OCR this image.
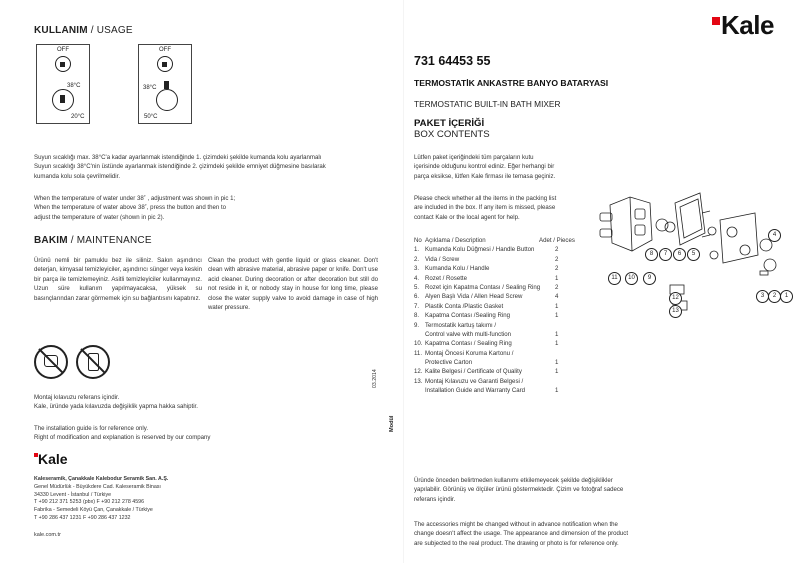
KULLANIM / USAGE
OFF
38°C
20°C
OFF
38°C
50°C
Suyun sıcaklığı max. 38°C'a kadar ayarlanmak istendiğinde 1. çizimdeki şekilde kumanda kolu ayarlanmalı
Suyun sıcaklığı 38°C'nin üstünde ayarlanmak istendiğinde 2. çizimdeki şekilde emniyet düğmesine basılarak
kumanda kolu sola çevrilmelidir.
When the temperature of water under 38˚ , adjustment was shown in pic 1;
When the temperature of water above 38˚, press the button and then to
adjust the temperature of water (shown in pic 2).
BAKIM / MAINTENANCE
Ürünü nemli bir pamuklu bez ile siliniz. Sakın aşındırıcı deterjan, kimyasal temizleyiciler, aşındırıcı sünger veya keskin bir parça ile temizlemeyiniz. Asitli temizleyiciler kullanmayınız. Uzun süre kullanım yapılmayacaksa, yüksek su basınçlarından zarar görmemek için su bağlantısını kapatınız.
Clean the product with gentle liquid or glass cleaner. Don't clean with abrasive material, abrasive paper or knife. Don't use acid cleaner. During decoration or after decoration but still do not reside in it, or nobody stay in house for long time, please close the water supply valve to avoid damage in case of high water pressure.
Montaj kılavuzu referans içindir.
Kale, üründe yada kılavuzda değişiklik yapma hakka sahiptir.
The installation guide is for reference only.
Right of modification and explanation is reserved by our company
Kale
Kaleseramik, Çanakkale Kalebodur Seramik San. A.Ş.
Genel Müdürlük - Büyükdere Cad. Kaleseramik Binası
34330 Levent - İstanbul / Türkiye
T +90 212 371 5253 (pbx) F +90 212 278 4596
Fabrika - Semedeli Köyü Çan, Çanakkale / Türkiye
T +90 286 437 1231 F +90 286 437 1232
kale.com.tr
03.2014
Modül
Kale
731 64453 55
TERMOSTATİK ANKASTRE BANYO BATARYASI
TERMOSTATIC BUILT-IN BATH MIXER
PAKET İÇERİĞİ
BOX CONTENTS
Lütfen paket içeriğindeki tüm parçaların kutu
içerisinde olduğunu kontrol ediniz. Eğer herhangi bir
parça eksikse, lütfen Kale firması ile temasa geçiniz.
Please check whether all the items in the packing list
are included in the box. If any item is missed, please
contact Kale or the local agent for help.
No Açıklama / Description	Adet / Pieces
1. Kumanda Kolu Düğmesi / Handle Button	2
2. Vida / Screw	2
3. Kumanda Kolu / Handle	2
4. Rozet / Rosette	1
5. Rozet için Kapatma Contası / Sealing Ring 2
6. Alyen Başlı Vida / Allen Head Screw	4
7. Plastik Conta /Plastic Gasket	1
8. Kapatma Contası /Sealing Ring	1
9. Termostatik kartuş takımı /
Control valve with multi-function	1
10. Kapatma Contası / Sealing Ring	1
11. Montaj Öncesi Koruma Kartonu /
Protective Carton	1
12. Kalite Belgesi / Certificate of Quality	1
13. Montaj Kılavuzu ve Garanti Belgesi /
Installation Guide and Warranty Card	1
1
2
3
4
5
6
7
8
9
10
11
12
13
Üründe önceden belirtmeden kullanımı etkilemeyecek şekilde değişiklikler
yapılabilir. Görünüş ve ölçüler ürünü göstermektedir. Çizim ve fotoğraf sadece
referans içindir.
The accessories might be changed without in advance notification when the
change doesn't affect the usage. The appearance and dimension of the product
are subjected to the real product. The drawing or photo is for reference only.
